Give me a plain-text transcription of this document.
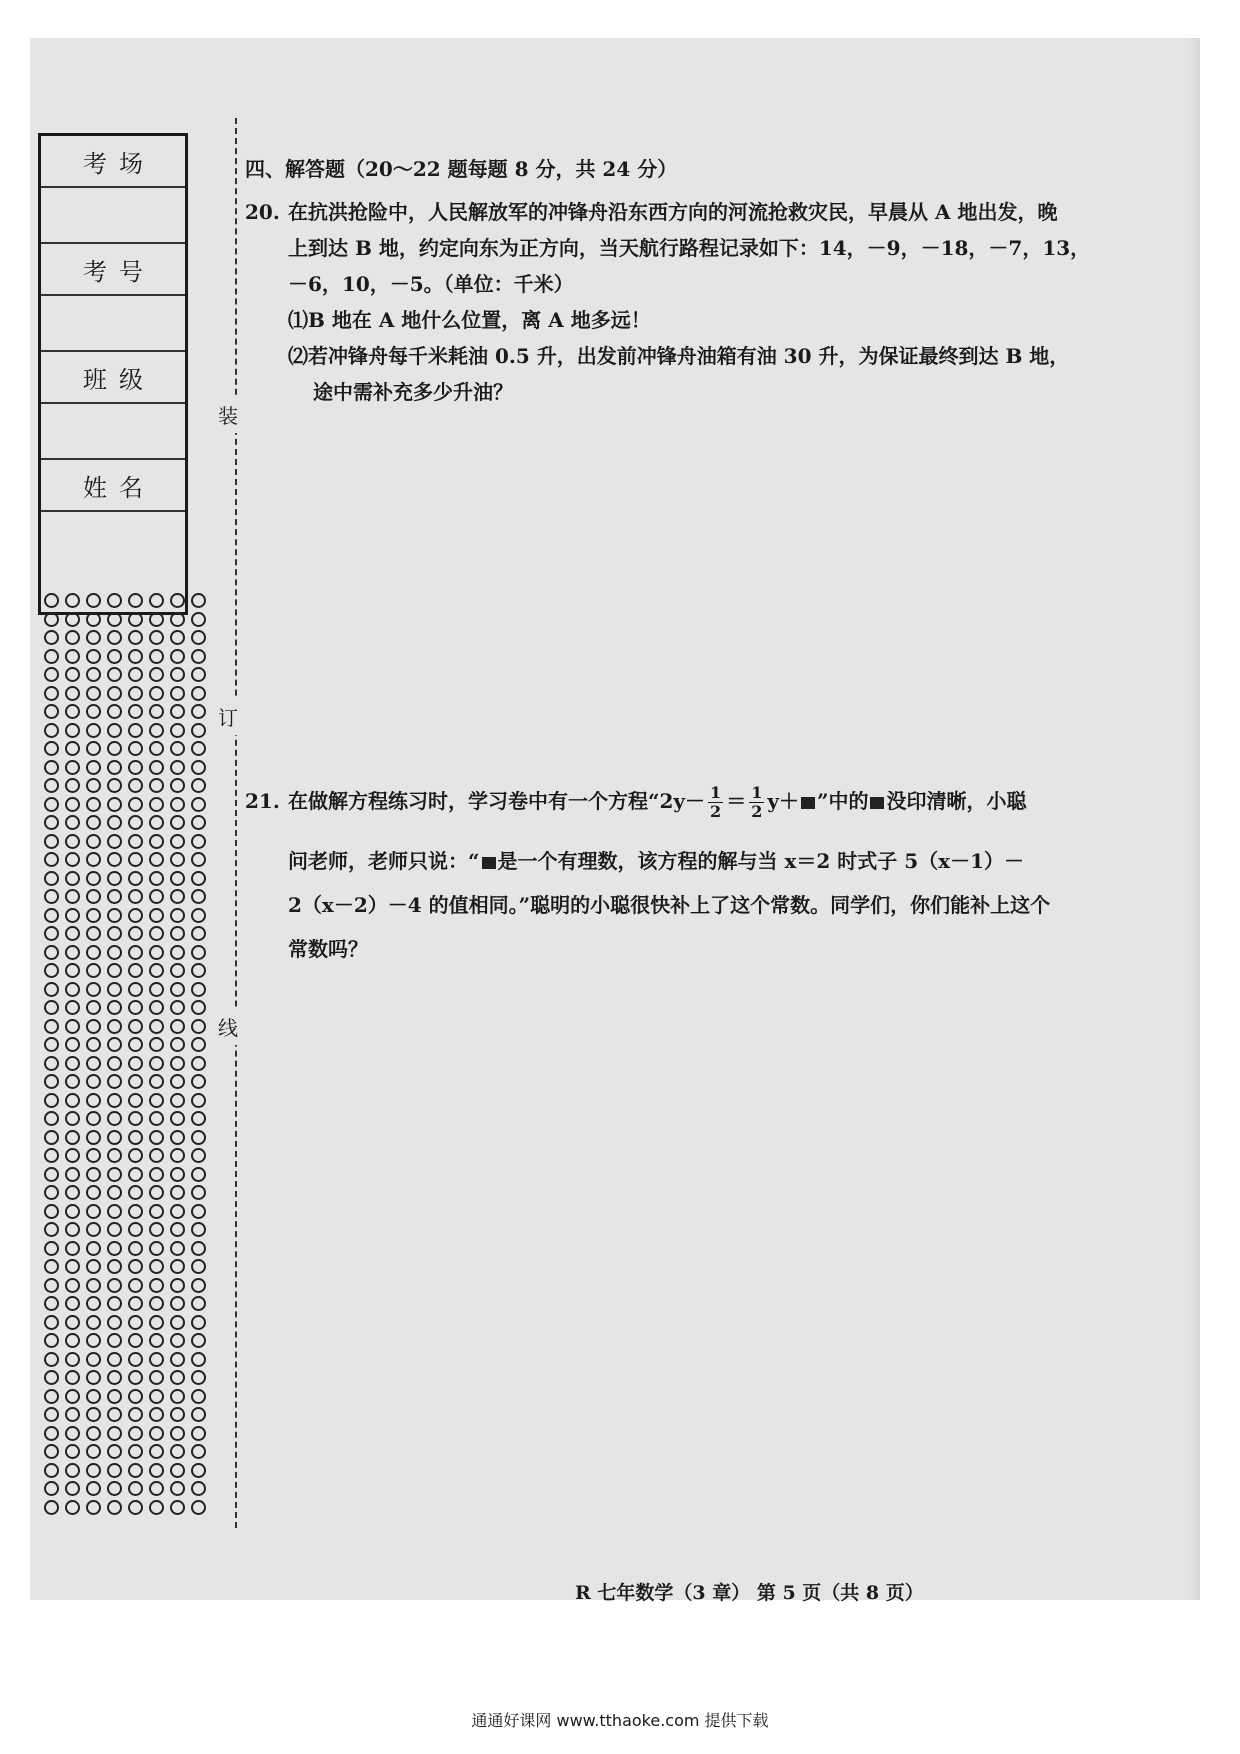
考场
考号
班级
姓名
装
订
线
四、解答题（20～22 题每题 8 分，共 24 分）
20. 在抗洪抢险中，人民解放军的冲锋舟沿东西方向的河流抢救灾民，早晨从 A 地出发，晚
上到达 B 地，约定向东为正方向，当天航行路程记录如下：14，－9，－18，－7，13，
－6，10，－5。（单位：千米）
⑴B 地在 A 地什么位置，离 A 地多远！
⑵若冲锋舟每千米耗油 0.5 升，出发前冲锋舟油箱有油 30 升，为保证最终到达 B 地，
途中需补充多少升油？
21. 在做解方程练习时，学习卷中有一个方程“$2y- \frac{1}{2} = \frac{1}{2} y+$ ”中的 没印清晰，小聪
问老师，老师只说：“ 是一个有理数，该方程的解与当 x＝2 时式子 5（x－1）－
2（x－2）－4 的值相同。”聪明的小聪很快补上了这个常数。同学们，你们能补上这个
常数吗？
R 七年数学（3 章） 第 5 页（共 8 页）
通通好课网 www.tthaoke.com 提供下载
